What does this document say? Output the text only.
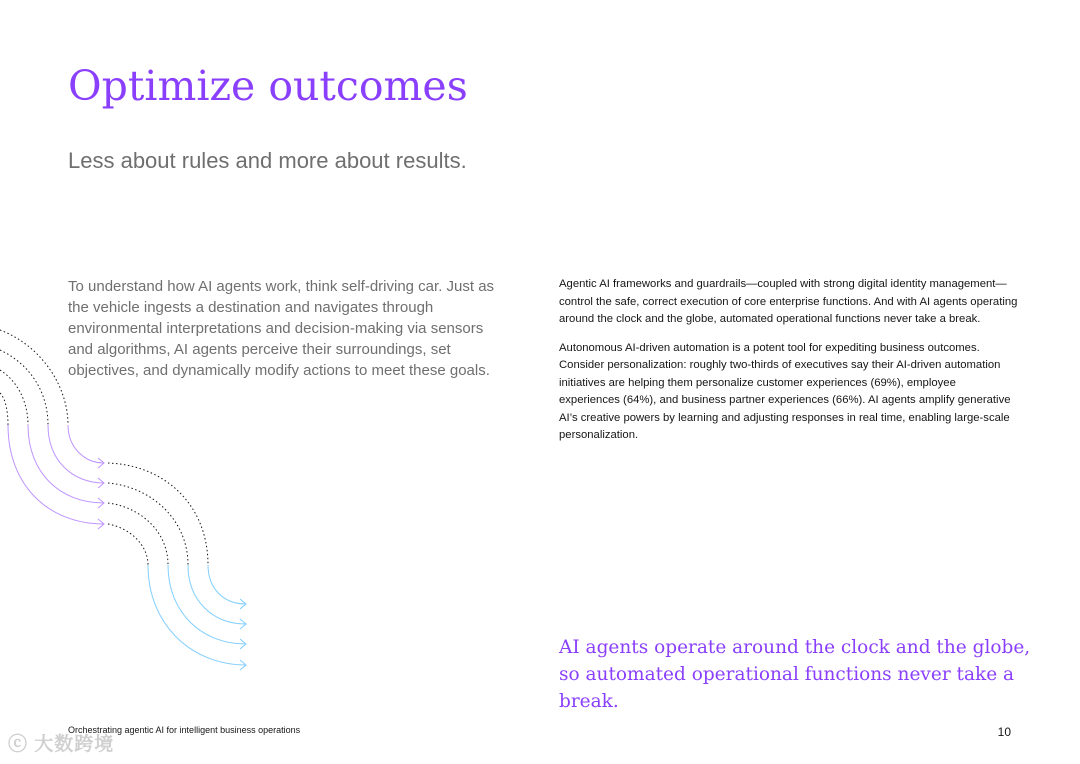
Optimize outcomes

Less about rules and more about results.

To understand how AI agents work, think self-driving car. Just as the vehicle ingests a destination and navigates through environmental interpretations and decision-making via sensors and algorithms, AI agents perceive their surroundings, set objectives, and dynamically modify actions to meet these goals.

Agentic AI frameworks and guardrails—coupled with strong digital identity management—control the safe, correct execution of core enterprise functions. And with AI agents operating around the clock and the globe, automated operational functions never take a break.

Autonomous AI-driven automation is a potent tool for expediting business outcomes. Consider personalization: roughly two-thirds of executives say their AI-driven automation initiatives are helping them personalize customer experiences (69%), employee experiences (64%), and business partner experiences (66%). AI agents amplify generative AI’s creative powers by learning and adjusting responses in real time, enabling large-scale personalization.

AI agents operate around the clock and the globe, so automated operational functions never take a break.

Orchestrating agentic AI for intelligent business operations	10
ⓒ 大数跨境
